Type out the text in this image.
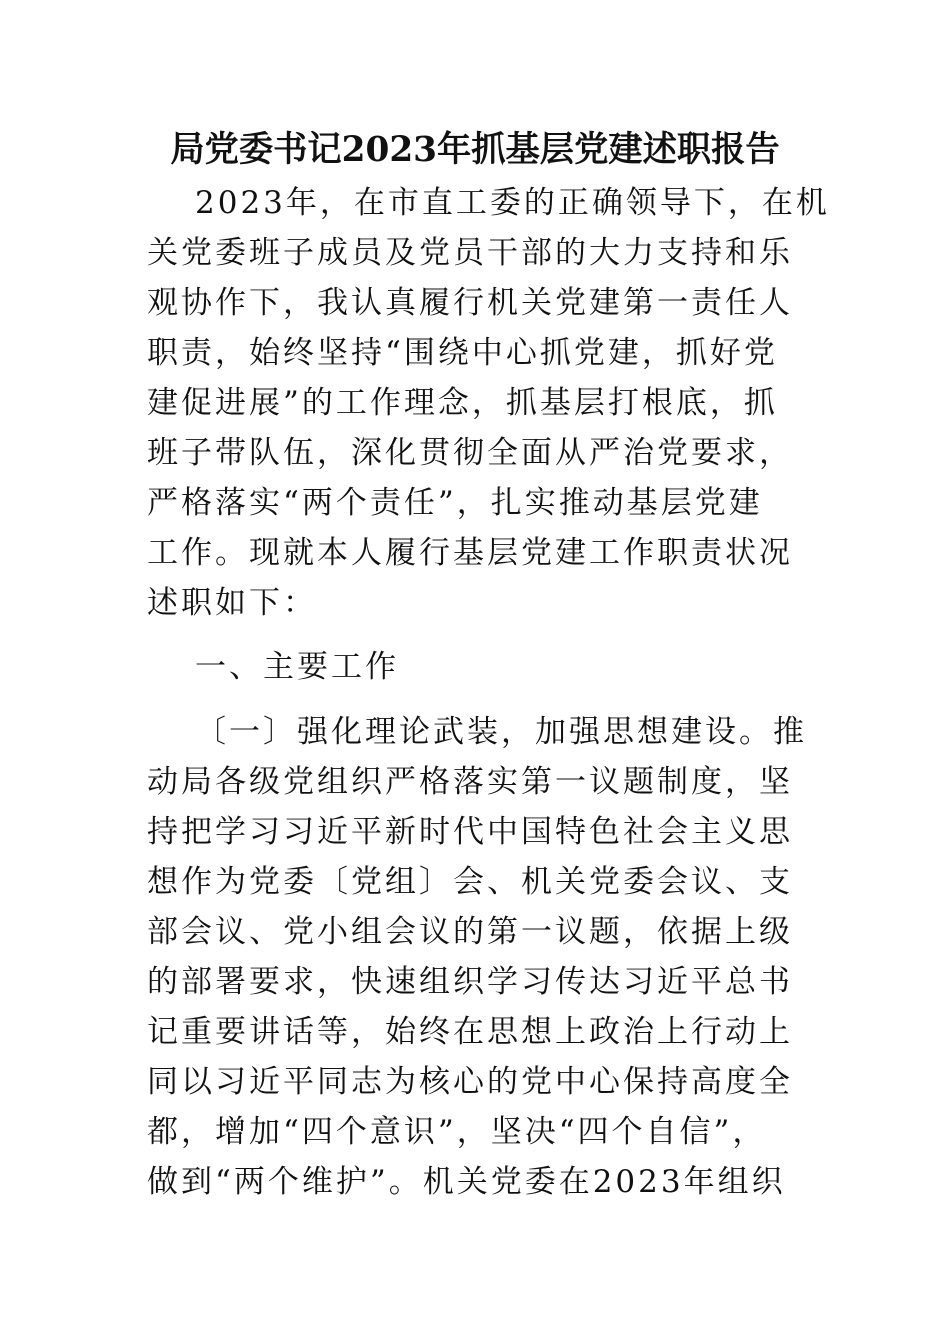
局党委书记2023年抓基层党建述职报告

2023年，在市直工委的正确领导下，在机

关党委班子成员及党员干部的大力支持和乐

观协作下，我认真履行机关党建第一责任人

职责，始终坚持“围绕中心抓党建，抓好党

建促进展”的工作理念，抓基层打根底，抓

班子带队伍，深化贯彻全面从严治党要求，

严格落实“两个责任”，扎实推动基层党建

工作。现就本人履行基层党建工作职责状况

述职如下：

一、主要工作

〔一〕强化理论武装，加强思想建设。推

动局各级党组织严格落实第一议题制度，坚

持把学习习近平新时代中国特色社会主义思

想作为党委〔党组〕会、机关党委会议、支

部会议、党小组会议的第一议题，依据上级

的部署要求，快速组织学习传达习近平总书

记重要讲话等，始终在思想上政治上行动上

同以习近平同志为核心的党中心保持高度全

都，增加“四个意识”，坚决“四个自信”，

做到“两个维护”。机关党委在2023年组织
